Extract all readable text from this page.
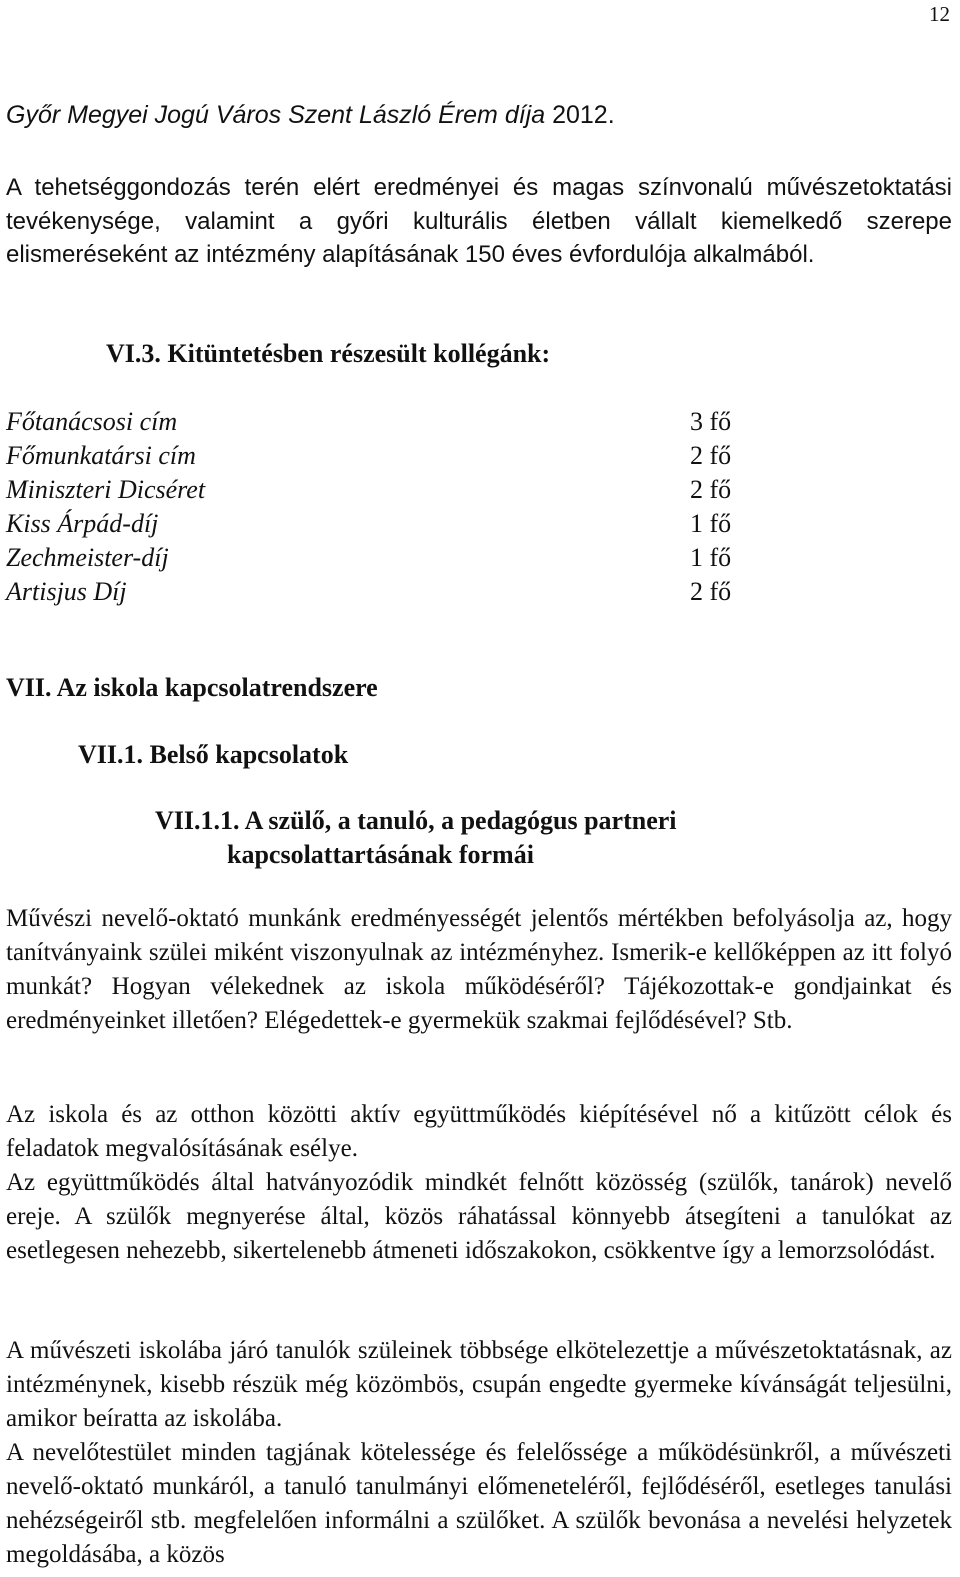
12
Győr Megyei Jogú Város Szent László Érem díja 2012.

A tehetséggondozás terén elért eredményei és magas színvonalú művészetoktatási tevékenysége, valamint a győri kulturális életben vállalt kiemelkedő szerepe elismeréseként az intézmény alapításának 150 éves évfordulója alkalmából.

VI.3. Kitüntetésben részesült kollégánk:
Főtanácsosi cím	3 fő
Főmunkatársi cím	2 fő
Miniszteri Dicséret	2 fő
Kiss Árpád-díj	1 fő
Zechmeister-díj	1 fő
Artisjus Díj	2 fő
VII. Az iskola kapcsolatrendszere
VII.1. Belső kapcsolatok
VII.1.1. A szülő, a tanuló, a pedagógus partneri
kapcsolattartásának formái

Művészi nevelő-oktató munkánk eredményességét jelentős mértékben befolyásolja az, hogy tanítványaink szülei miként viszonyulnak az intézményhez. Ismerik-e kellőképpen az itt folyó munkát? Hogyan vélekednek az iskola működéséről? Tájékozottak-e gondjainkat és eredményeinket illetően? Elégedettek-e gyermekük szakmai fejlődésével? Stb.

Az iskola és az otthon közötti aktív együttműködés kiépítésével nő a kitűzött célok és feladatok megvalósításának esélye.

Az együttműködés által hatványozódik mindkét felnőtt közösség (szülők, tanárok) nevelő ereje. A szülők megnyerése által, közös ráhatással könnyebb átsegíteni a tanulókat az esetlegesen nehezebb, sikertelenebb átmeneti időszakokon, csökkentve így a lemorzsolódást.

A művészeti iskolába járó tanulók szüleinek többsége elkötelezettje a művészetoktatásnak, az intézménynek, kisebb részük még közömbös, csupán engedte gyermeke kívánságát teljesülni, amikor beíratta az iskolába.

A nevelőtestület minden tagjának kötelessége és felelőssége a működésünkről, a művészeti nevelő-oktató munkáról, a tanuló tanulmányi előmeneteléről, fejlődéséről, esetleges tanulási nehézségeiről stb. megfelelően informálni a szülőket. A szülők bevonása a nevelési helyzetek megoldásába, a közös
